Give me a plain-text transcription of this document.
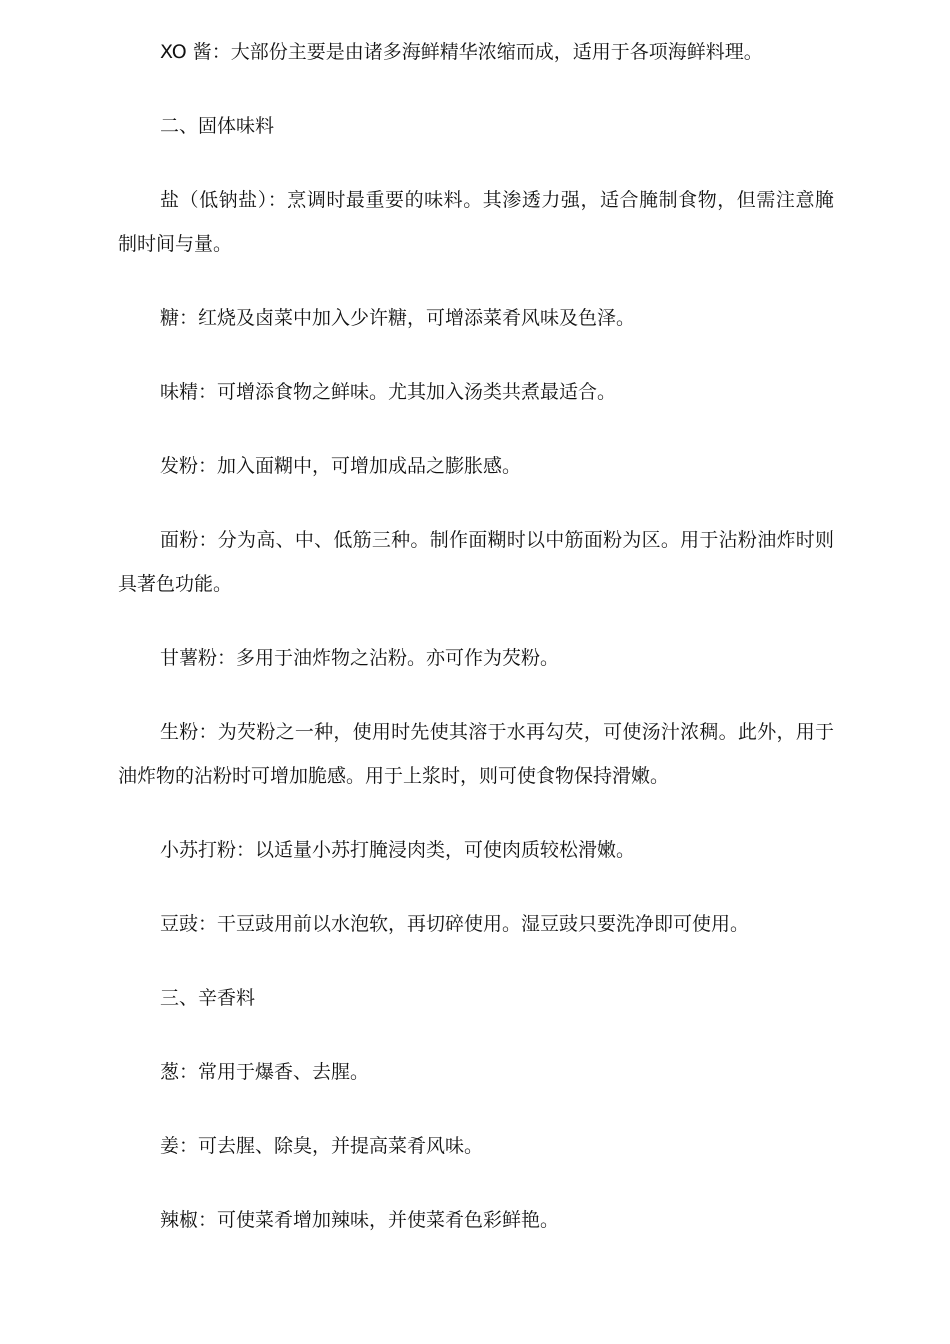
XO 酱：大部份主要是由诸多海鲜精华浓缩而成，适用于各项海鲜料理。

二、固体味料

盐（低钠盐）：烹调时最重要的味料。其渗透力强，适合腌制食物，但需注意腌制时间与量。

糖：红烧及卤菜中加入少许糖，可增添菜肴风味及色泽。

味精：可增添食物之鲜味。尤其加入汤类共煮最适合。

发粉：加入面糊中，可增加成品之膨胀感。

面粉：分为高、中、低筋三种。制作面糊时以中筋面粉为区。用于沾粉油炸时则具著色功能。

甘薯粉：多用于油炸物之沾粉。亦可作为芡粉。

生粉：为芡粉之一种，使用时先使其溶于水再勾芡，可使汤汁浓稠。此外，用于油炸物的沾粉时可增加脆感。用于上浆时，则可使食物保持滑嫩。

小苏打粉：以适量小苏打腌浸肉类，可使肉质较松滑嫩。

豆豉：干豆豉用前以水泡软，再切碎使用。湿豆豉只要洗净即可使用。

三、辛香料

葱：常用于爆香、去腥。

姜：可去腥、除臭，并提高菜肴风味。

辣椒：可使菜肴增加辣味，并使菜肴色彩鲜艳。
